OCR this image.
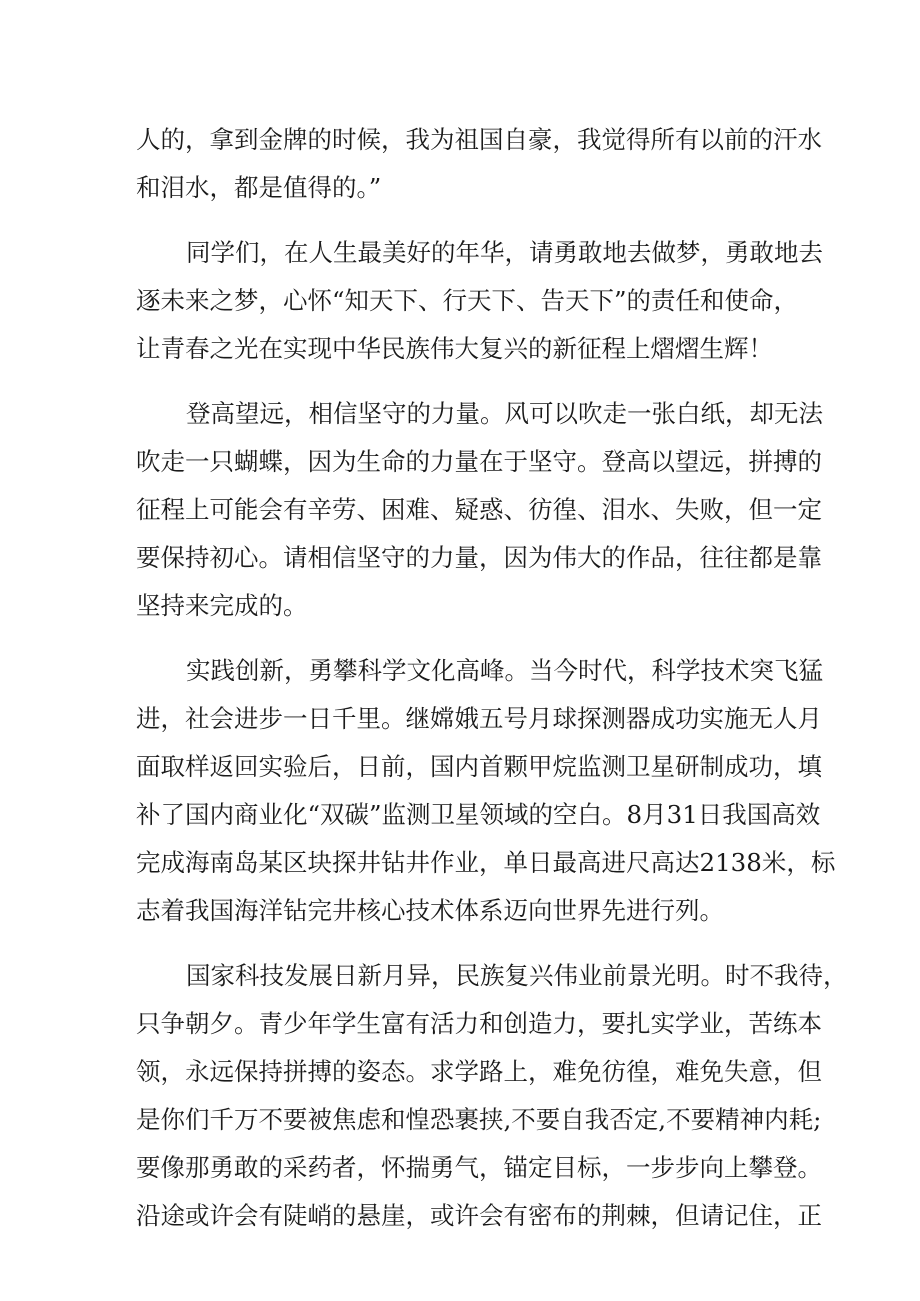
人的，拿到金牌的时候，我为祖国自豪，我觉得所有以前的汗水
和泪水，都是值得的。”
同学们，在人生最美好的年华，请勇敢地去做梦，勇敢地去
逐未来之梦，心怀“知天下、行天下、告天下”的责任和使命，
让青春之光在实现中华民族伟大复兴的新征程上熠熠生辉！
登高望远，相信坚守的力量。风可以吹走一张白纸，却无法
吹走一只蝴蝶，因为生命的力量在于坚守。登高以望远，拼搏的
征程上可能会有辛劳、困难、疑惑、彷徨、泪水、失败，但一定
要保持初心。请相信坚守的力量，因为伟大的作品，往往都是靠
坚持来完成的。
实践创新，勇攀科学文化高峰。当今时代，科学技术突飞猛
进，社会进步一日千里。继嫦娥五号月球探测器成功实施无人月
面取样返回实验后，日前，国内首颗甲烷监测卫星研制成功，填
补了国内商业化“双碳”监测卫星领域的空白。8月31日我国高效
完成海南岛某区块探井钻井作业，单日最高进尺高达2138米，标
志着我国海洋钻完井核心技术体系迈向世界先进行列。
国家科技发展日新月异，民族复兴伟业前景光明。时不我待，
只争朝夕。青少年学生富有活力和创造力，要扎实学业，苦练本
领，永远保持拼搏的姿态。求学路上，难免彷徨，难免失意，但
是你们千万不要被焦虑和惶恐裹挟,不要自我否定,不要精神内耗;
要像那勇敢的采药者，怀揣勇气，锚定目标，一步步向上攀登。
沿途或许会有陡峭的悬崖，或许会有密布的荆棘，但请记住，正
